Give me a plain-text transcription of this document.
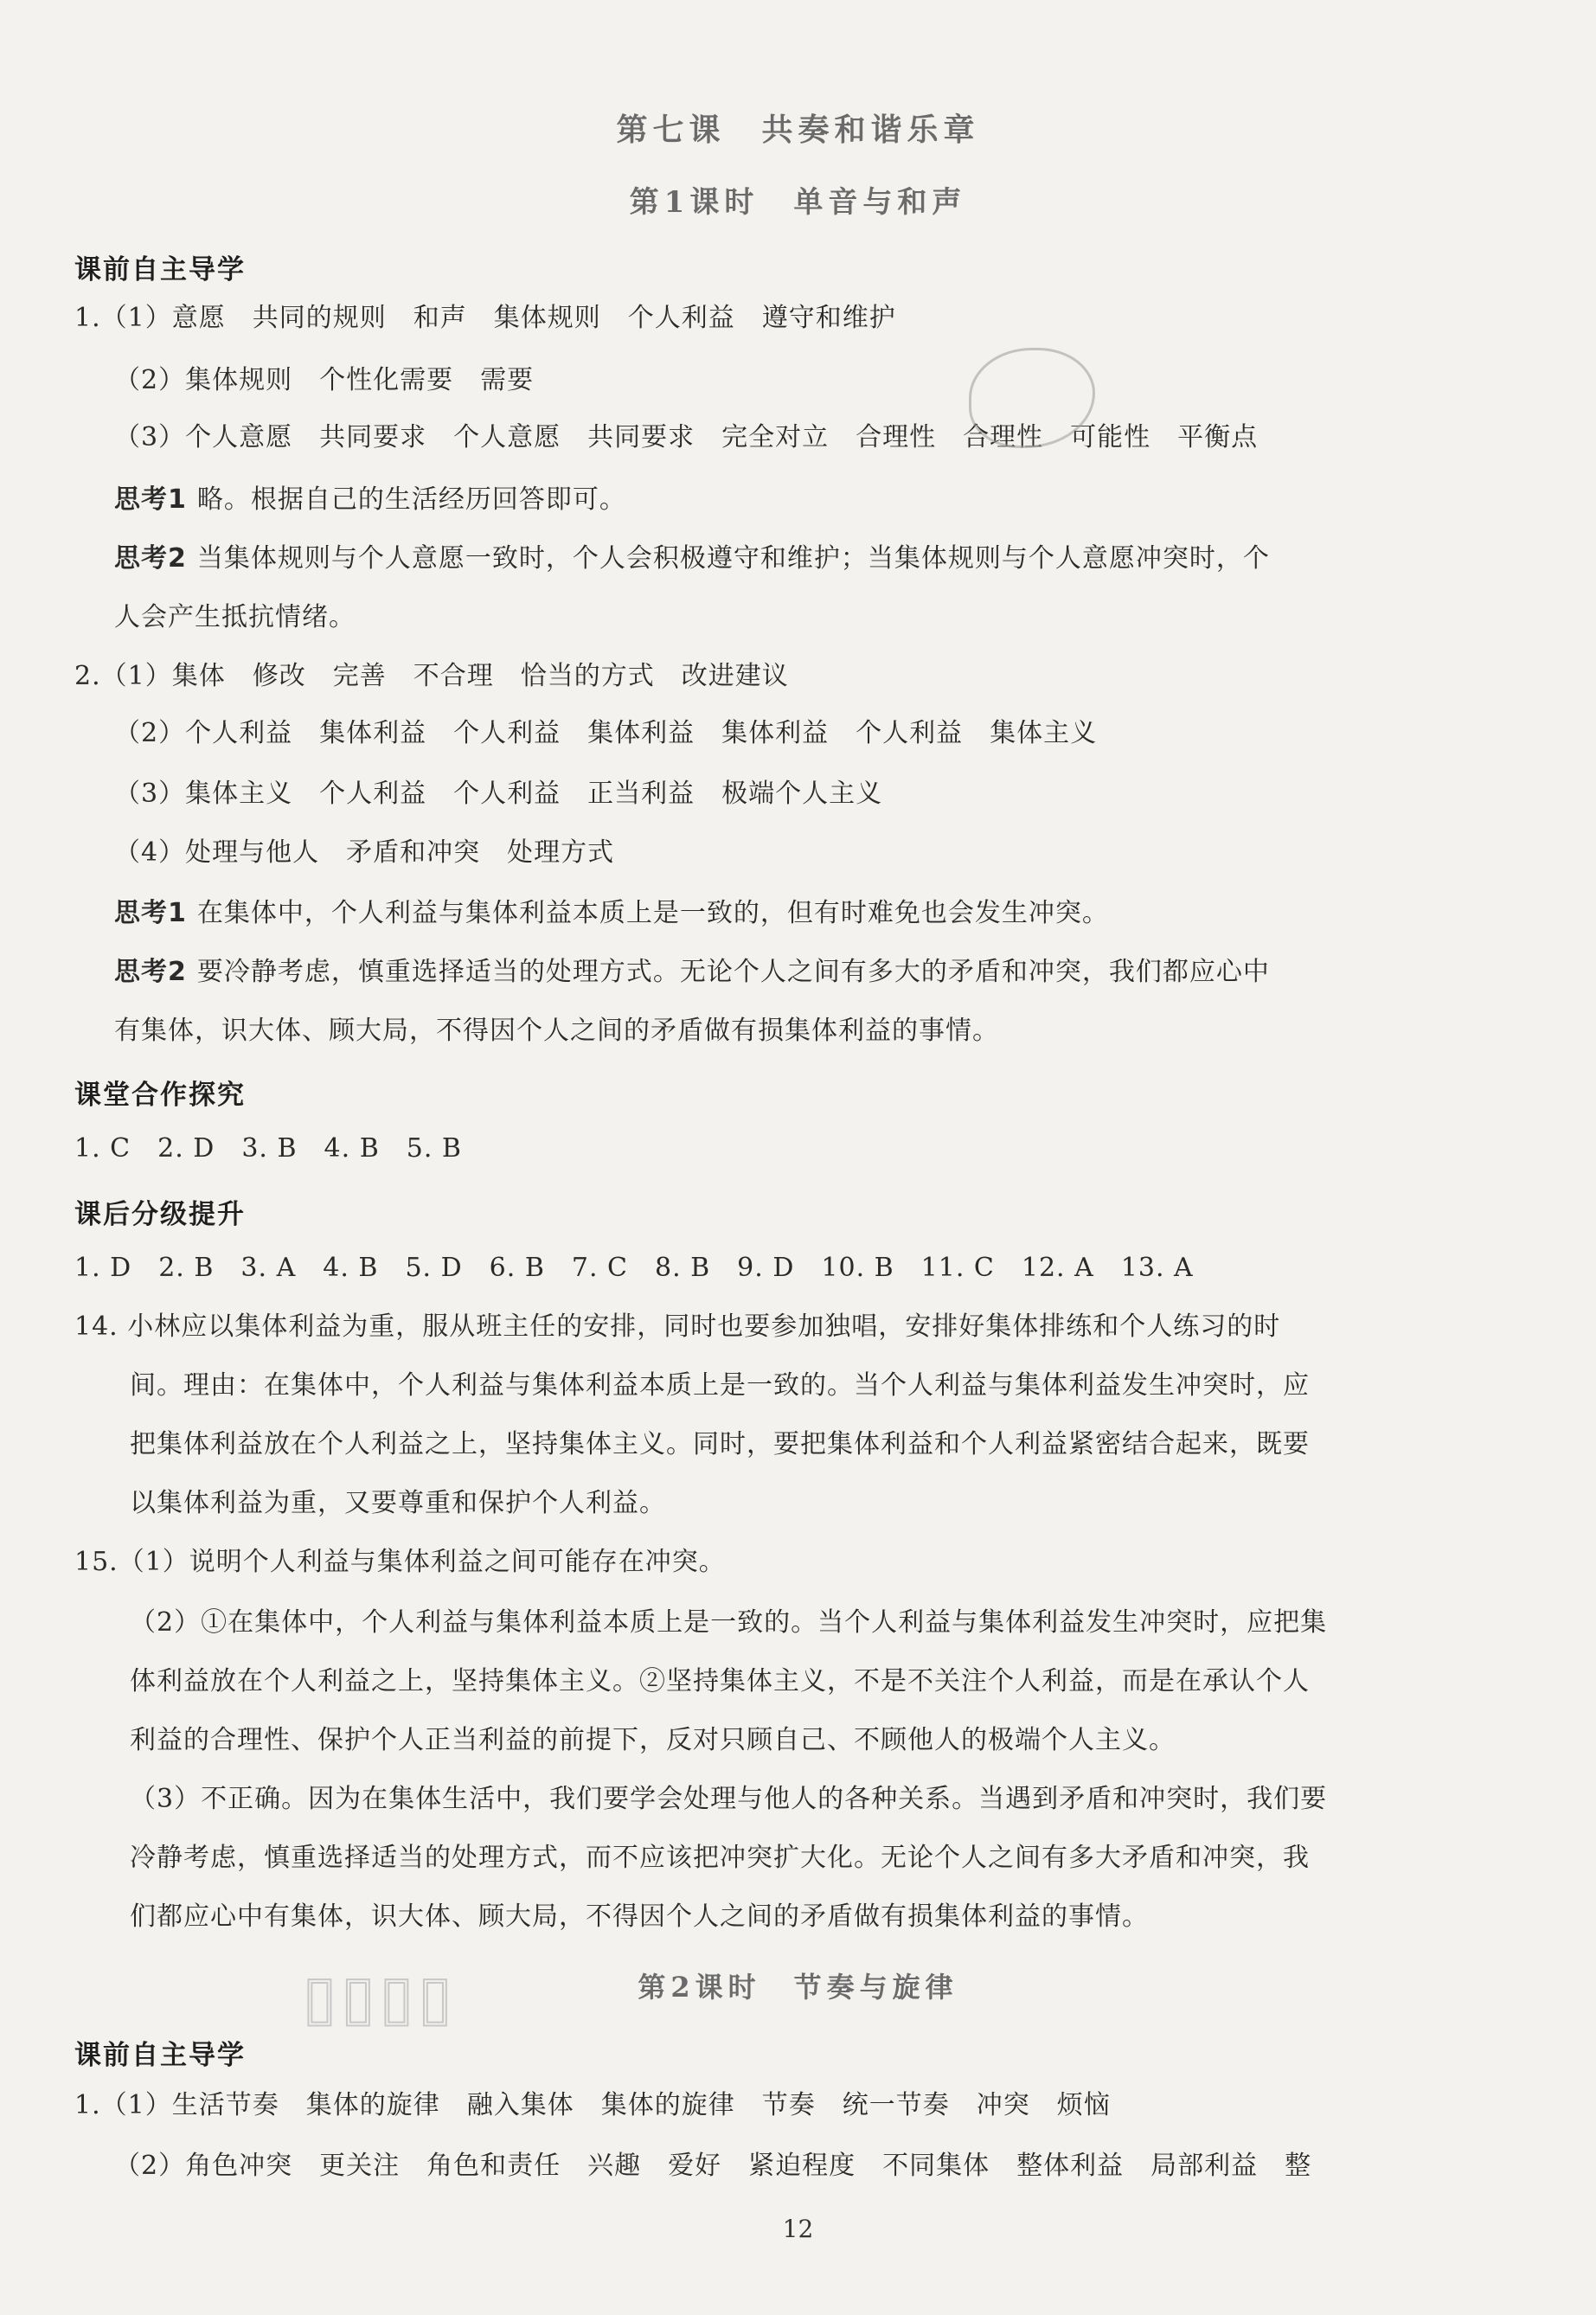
第七课　共奏和谐乐章
第1课时　单音与和声
课前自主导学
1.（1）意愿　共同的规则　和声　集体规则　个人利益　遵守和维护
（2）集体规则　个性化需要　需要
（3）个人意愿　共同要求　个人意愿　共同要求　完全对立　合理性　合理性　可能性　平衡点
思考1 略。根据自己的生活经历回答即可。
思考2 当集体规则与个人意愿一致时，个人会积极遵守和维护；当集体规则与个人意愿冲突时，个
人会产生抵抗情绪。
2.（1）集体　修改　完善　不合理　恰当的方式　改进建议
（2）个人利益　集体利益　个人利益　集体利益　集体利益　个人利益　集体主义
（3）集体主义　个人利益　个人利益　正当利益　极端个人主义
（4）处理与他人　矛盾和冲突　处理方式
思考1 在集体中，个人利益与集体利益本质上是一致的，但有时难免也会发生冲突。
思考2 要冷静考虑，慎重选择适当的处理方式。无论个人之间有多大的矛盾和冲突，我们都应心中
有集体，识大体、顾大局，不得因个人之间的矛盾做有损集体利益的事情。
课堂合作探究
1. C　2. D　3. B　4. B　5. B
课后分级提升
1. D　2. B　3. A　4. B　5. D　6. B　7. C　8. B　9. D　10. B　11. C　12. A　13. A
14. 小林应以集体利益为重，服从班主任的安排，同时也要参加独唱，安排好集体排练和个人练习的时
间。理由：在集体中，个人利益与集体利益本质上是一致的。当个人利益与集体利益发生冲突时，应
把集体利益放在个人利益之上，坚持集体主义。同时，要把集体利益和个人利益紧密结合起来，既要
以集体利益为重，又要尊重和保护个人利益。
15.（1）说明个人利益与集体利益之间可能存在冲突。
（2）①在集体中，个人利益与集体利益本质上是一致的。当个人利益与集体利益发生冲突时，应把集
体利益放在个人利益之上，坚持集体主义。②坚持集体主义，不是不关注个人利益，而是在承认个人
利益的合理性、保护个人正当利益的前提下，反对只顾自己、不顾他人的极端个人主义。
（3）不正确。因为在集体生活中，我们要学会处理与他人的各种关系。当遇到矛盾和冲突时，我们要
冷静考虑，慎重选择适当的处理方式，而不应该把冲突扩大化。无论个人之间有多大矛盾和冲突，我
们都应心中有集体，识大体、顾大局，不得因个人之间的矛盾做有损集体利益的事情。
▯▯▯▯	第2课时　节奏与旋律
课前自主导学
1.（1）生活节奏　集体的旋律　融入集体　集体的旋律　节奏　统一节奏　冲突　烦恼
（2）角色冲突　更关注　角色和责任　兴趣　爱好　紧迫程度　不同集体　整体利益　局部利益　整
12
